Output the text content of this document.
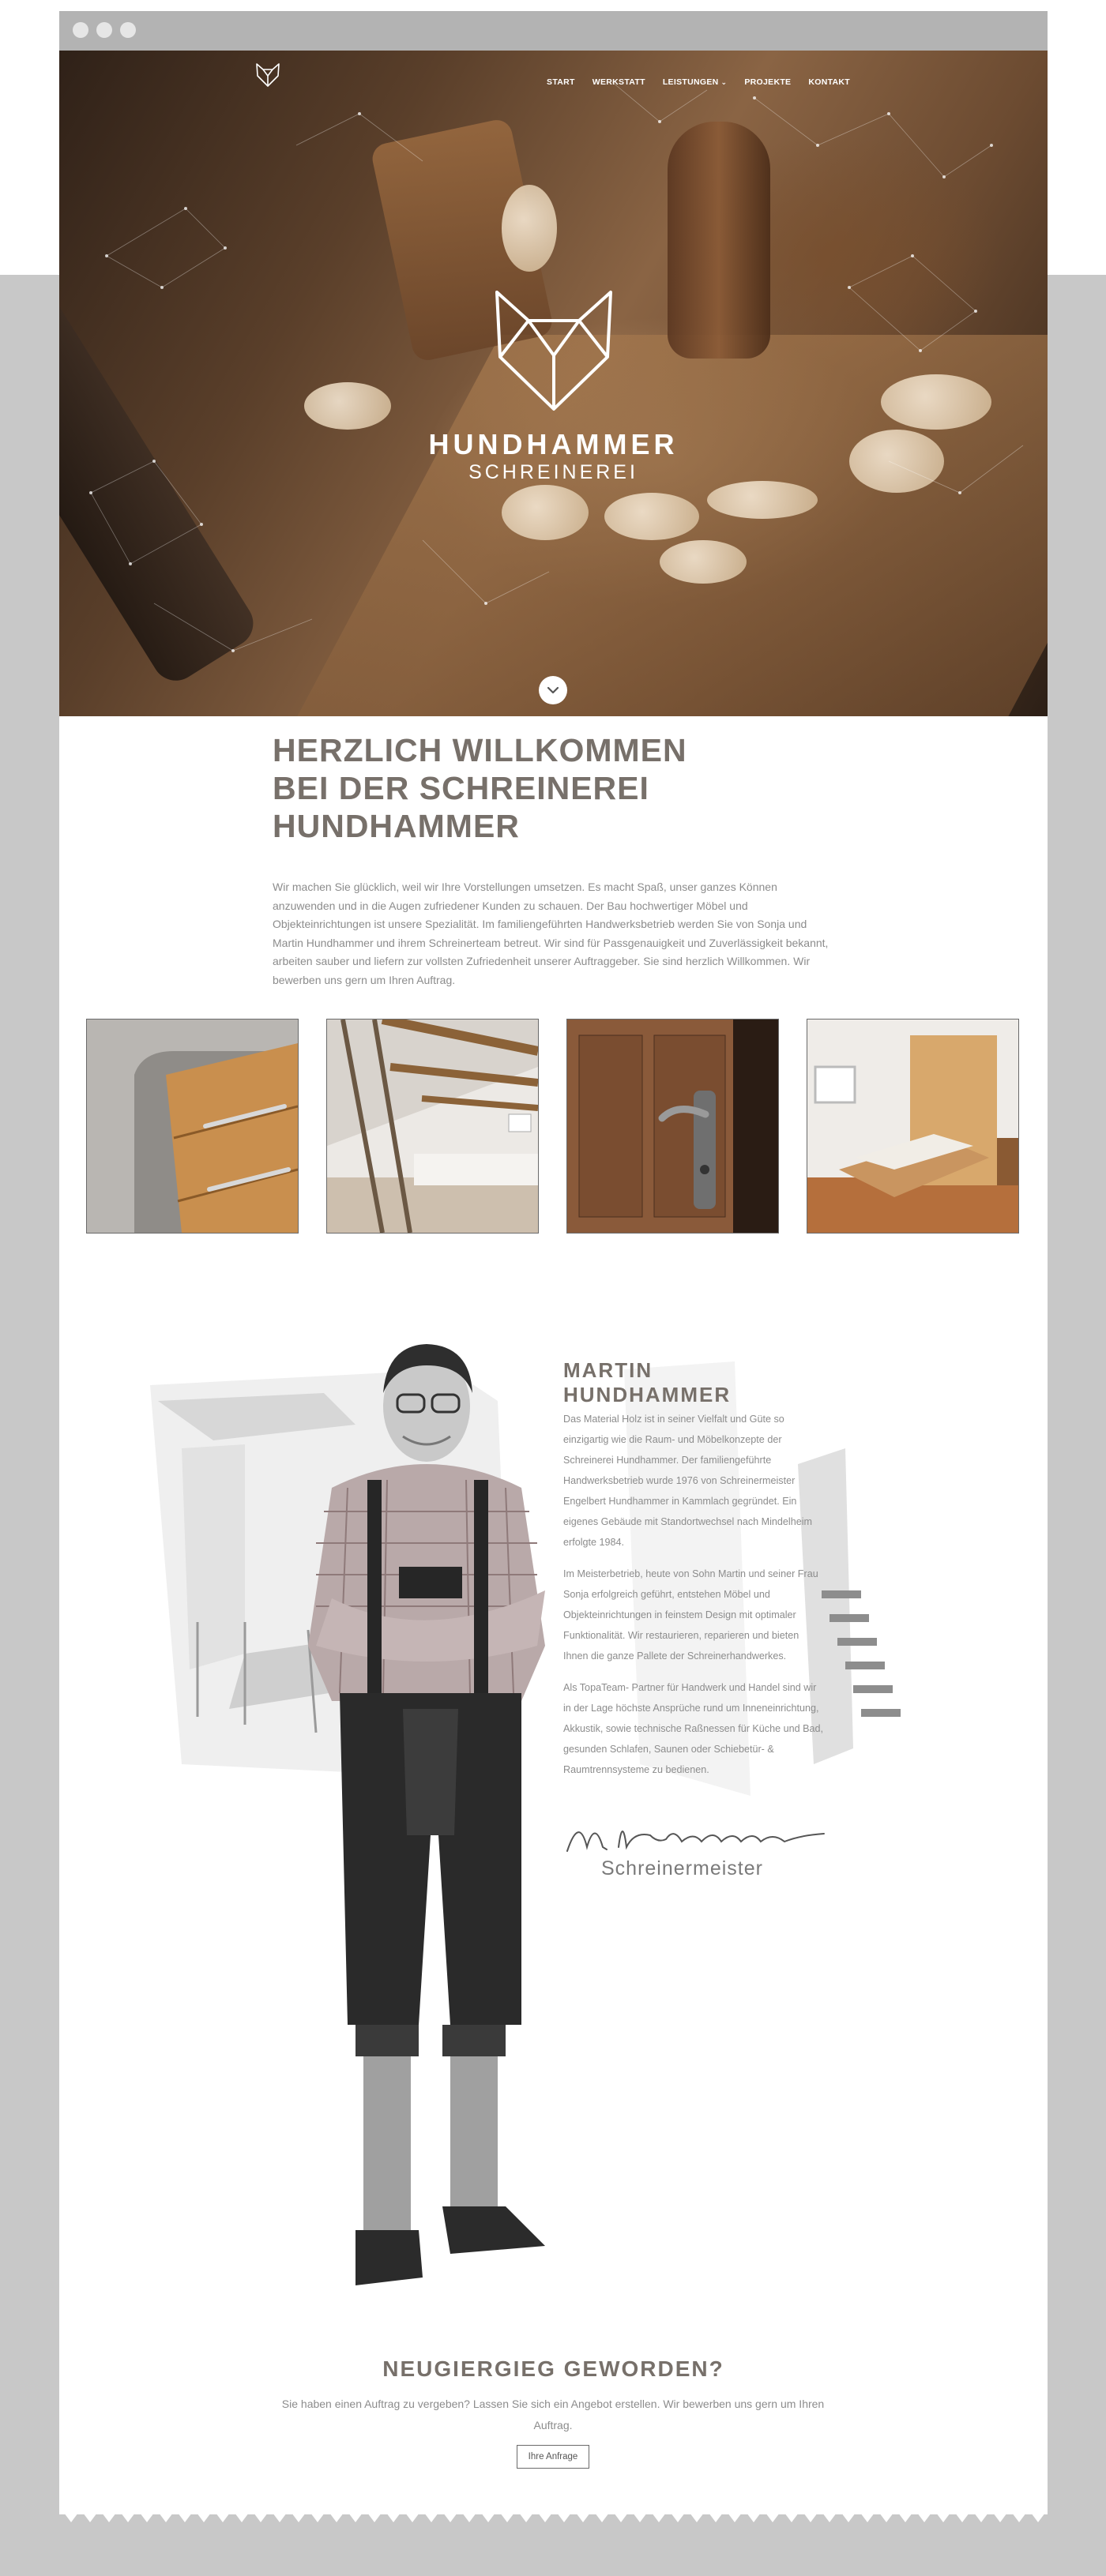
START WERKSTATT LEISTUNGEN ⌄ PROJEKTE KONTAKT
HUNDHAMMER
SCHREINEREI
HERZLICH WILLKOMMEN
BEI DER SCHREINEREI
HUNDHAMMER
Wir machen Sie glücklich, weil wir Ihre Vorstellungen umsetzen. Es macht Spaß, unser ganzes Können anzuwenden und in die Augen zufriedener Kunden zu schauen. Der Bau hochwertiger Möbel und Objekteinrichtungen ist unsere Spezialität. Im familiengeführten Handwerksbetrieb werden Sie von Sonja und Martin Hundhammer und ihrem Schreinerteam betreut. Wir sind für Passgenauigkeit und Zuverlässigkeit bekannt, arbeiten sauber und liefern zur vollsten Zufriedenheit unserer Auftraggeber. Sie sind herzlich Willkommen. Wir bewerben uns gern um Ihren Auftrag.
MARTIN
HUNDHAMMER

Das Material Holz ist in seiner Vielfalt und Güte so einzigartig wie die Raum- und Möbelkonzepte der Schreinerei Hundhammer. Der familiengeführte Handwerksbetrieb wurde 1976 von Schreinermeister Engelbert Hundhammer in Kammlach gegründet. Ein eigenes Gebäude mit Standortwechsel nach Mindelheim erfolgte 1984.

Im Meisterbetrieb, heute von Sohn Martin und seiner Frau Sonja erfolgreich geführt, entstehen Möbel und Objekteinrichtungen in feinstem Design mit optimaler Funktionalität. Wir restaurieren, reparieren und bieten Ihnen die ganze Pallete der Schreinerhandwerkes.

Als TopaTeam- Partner für Handwerk und Handel sind wir in der Lage höchste Ansprüche rund um Inneneinrichtung, Akkustik, sowie technische Raßnessen für Küche und Bad, gesunden Schlafen, Saunen oder Schiebetür- & Raumtrennsysteme zu bedienen.

Schreinermeister
NEUGIERGIEG GEWORDEN?
Sie haben einen Auftrag zu vergeben? Lassen Sie sich ein Angebot erstellen. Wir bewerben uns gern um Ihren Auftrag.
Ihre Anfrage
